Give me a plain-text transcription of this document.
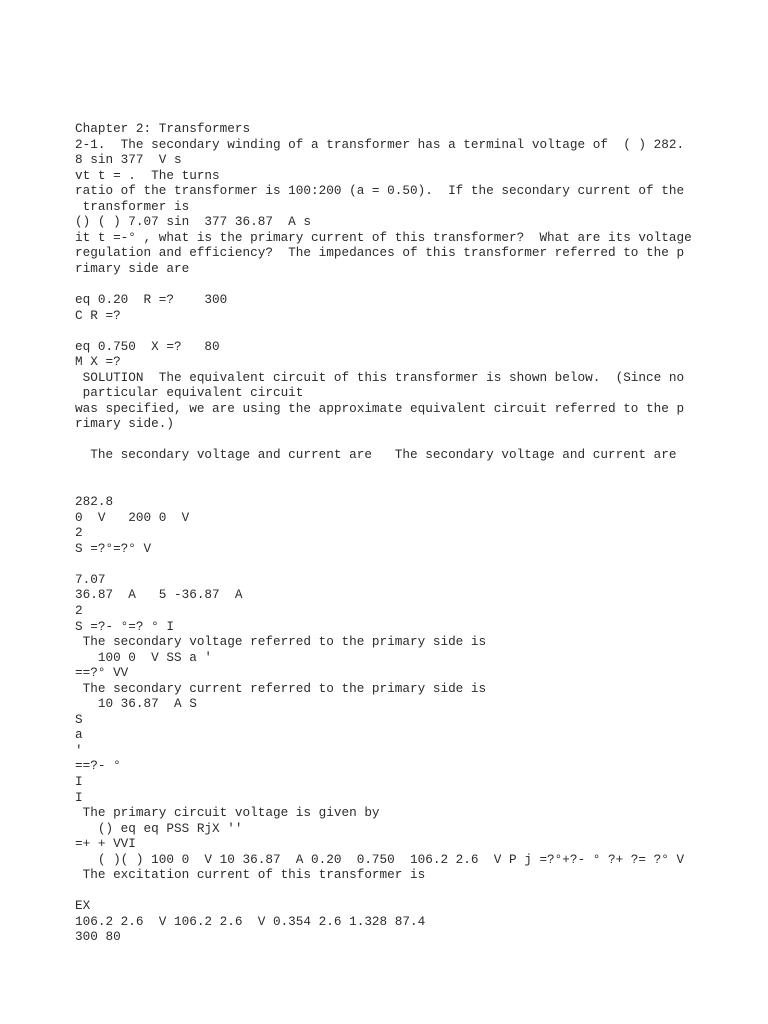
Chapter 2: Transformers
2-1.  The secondary winding of a transformer has a terminal voltage of  ( ) 282.
8 sin 377  V s
vt t = .  The turns
ratio of the transformer is 100:200 (a = 0.50).  If the secondary current of the
transformer is
() ( ) 7.07 sin  377 36.87  A s
it t =-° , what is the primary current of this transformer?  What are its voltage
regulation and efficiency?  The impedances of this transformer referred to the p
rimary side are
eq 0.20  R =?    300
C R =?
eq 0.750  X =?   80
M X =?
SOLUTION  The equivalent circuit of this transformer is shown below.  (Since no
particular equivalent circuit
was specified, we are using the approximate equivalent circuit referred to the p
rimary side.)
The secondary voltage and current are   The secondary voltage and current are
282.8
0  V   200 0  V
2
S =?°=?° V
7.07
36.87  A   5 -36.87  A
2
S =?- °=? ° I
The secondary voltage referred to the primary side is
100 0  V SS a '
==?° VV
The secondary current referred to the primary side is
10 36.87  A S
S
a
'
==?- °
I
I
The primary circuit voltage is given by
() eq eq PSS RjX ''
=+ + VVI
( )( ) 100 0  V 10 36.87  A 0.20  0.750  106.2 2.6  V P j =?°+?- ° ?+ ?= ?° V
The excitation current of this transformer is
EX
106.2 2.6  V 106.2 2.6  V 0.354 2.6 1.328 87.4
300 80
